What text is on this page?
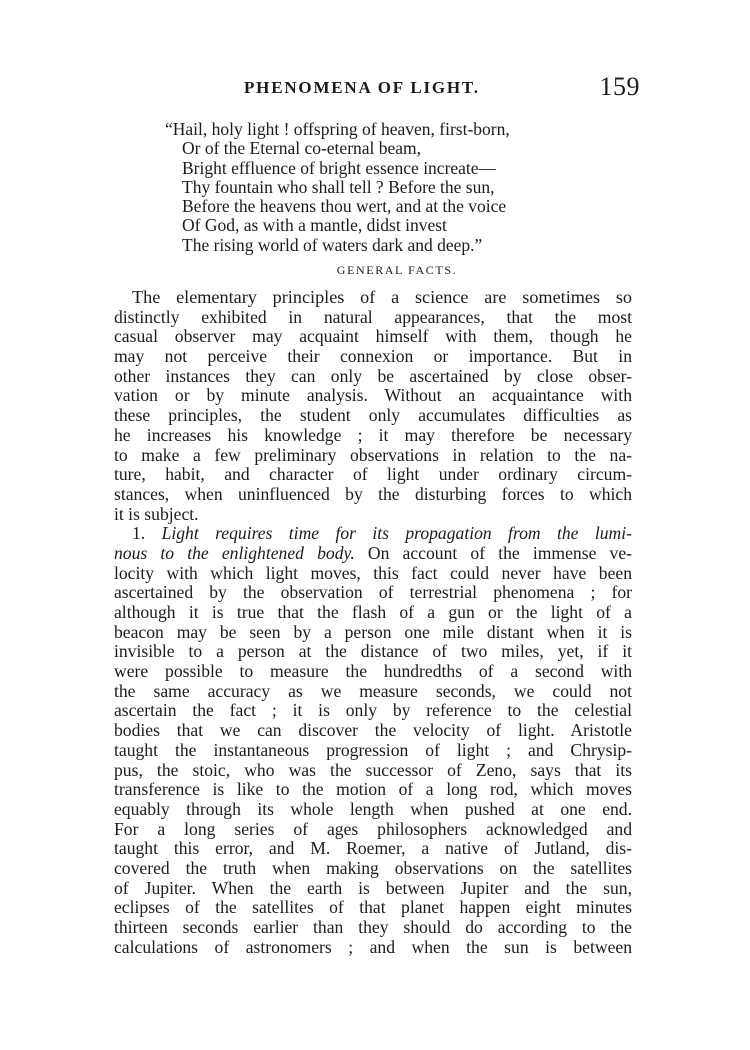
PHENOMENA OF LIGHT.	159
“Hail, holy light ! offspring of heaven, first-born,
Or of the Eternal co-eternal beam,
Bright effluence of bright essence increate—
Thy fountain who shall tell ? Before the sun,
Before the heavens thou wert, and at the voice
Of God, as with a mantle, didst invest
The rising world of waters dark and deep.”
GENERAL FACTS.
The elementary principles of a science are sometimes so
distinctly exhibited in natural appearances, that the most
casual observer may acquaint himself with them, though he
may not perceive their connexion or importance. But in
other instances they can only be ascertained by close obser-
vation or by minute analysis. Without an acquaintance with
these principles, the student only accumulates difficulties as
he increases his knowledge ; it may therefore be necessary
to make a few preliminary observations in relation to the na-
ture, habit, and character of light under ordinary circum-
stances, when uninfluenced by the disturbing forces to which
it is subject.
1. Light requires time for its propagation from the lumi-
nous to the enlightened body. On account of the immense ve-
locity with which light moves, this fact could never have been
ascertained by the observation of terrestrial phenomena ; for
although it is true that the flash of a gun or the light of a
beacon may be seen by a person one mile distant when it is
invisible to a person at the distance of two miles, yet, if it
were possible to measure the hundredths of a second with
the same accuracy as we measure seconds, we could not
ascertain the fact ; it is only by reference to the celestial
bodies that we can discover the velocity of light. Aristotle
taught the instantaneous progression of light ; and Chrysip-
pus, the stoic, who was the successor of Zeno, says that its
transference is like to the motion of a long rod, which moves
equably through its whole length when pushed at one end.
For a long series of ages philosophers acknowledged and
taught this error, and M. Roemer, a native of Jutland, dis-
covered the truth when making observations on the satellites
of Jupiter. When the earth is between Jupiter and the sun,
eclipses of the satellites of that planet happen eight minutes
thirteen seconds earlier than they should do according to the
calculations of astronomers ; and when the sun is between
